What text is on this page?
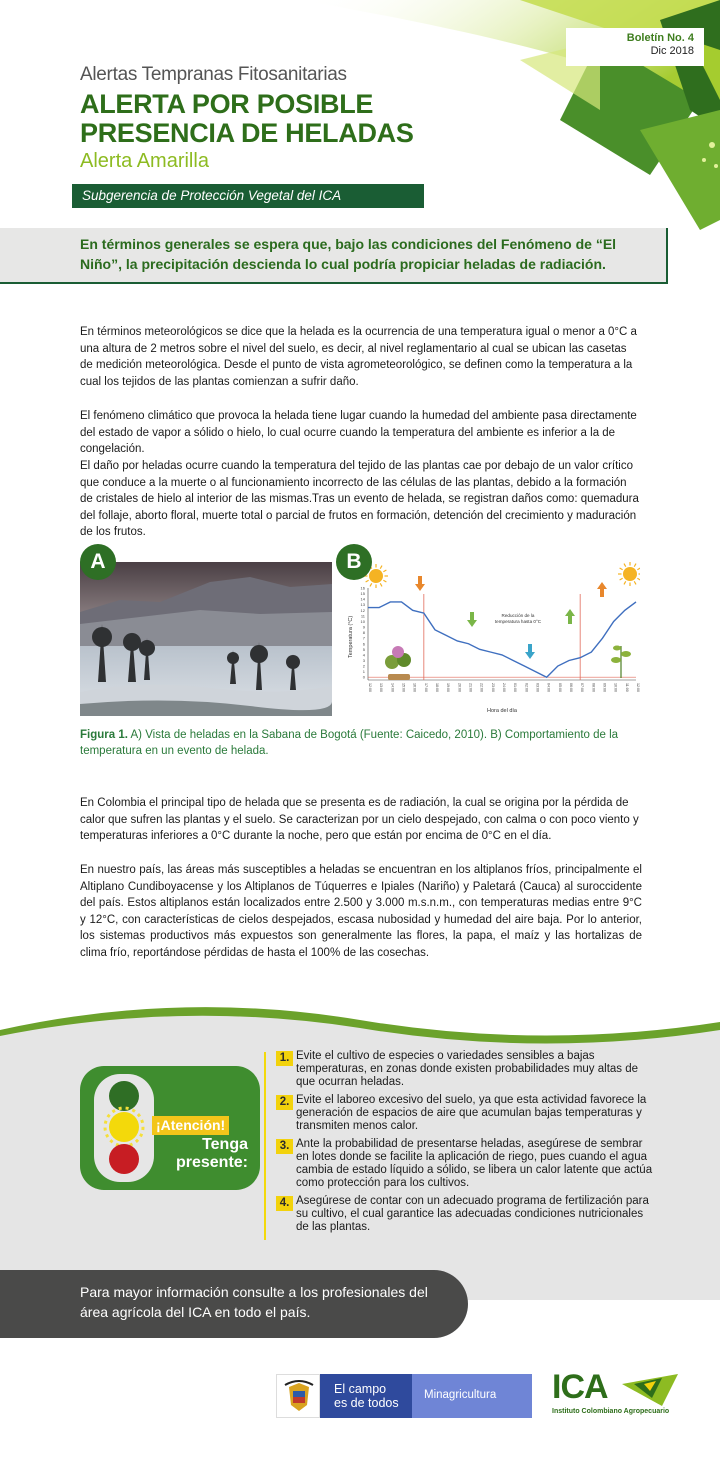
Boletín No. 4
Dic 2018
Alertas Tempranas Fitosanitarias
ALERTA POR POSIBLE
PRESENCIA DE HELADAS
Alerta Amarilla
Subgerencia de Protección Vegetal del ICA
En términos generales se espera que, bajo las condiciones del Fenómeno de “El Niño”, la precipitación descienda lo cual podría propiciar heladas de radiación.
En términos meteorológicos se dice que la helada es la ocurrencia de una temperatura igual o menor a 0°C a una altura de 2 metros sobre el nivel del suelo, es decir, al nivel reglamentario al cual se ubican las casetas de medición meteorológica. Desde el punto de vista agrometeorológico, se definen como la temperatura a la cual los tejidos de las plantas comienzan a sufrir daño.
El fenómeno climático que provoca la helada tiene lugar cuando la humedad del ambiente pasa directamente del estado de vapor a sólido o hielo, lo cual ocurre cuando la temperatura del ambiente es inferior a la de congelación.
El daño por heladas ocurre cuando la temperatura del tejido de las plantas cae por debajo de un valor crítico que conduce a la muerte o al funcionamiento incorrecto de las células de las plantas, debido a la formación de cristales de hielo al interior de las mismas.Tras un evento de helada, se registran daños como: quemadura del follaje, aborto floral, muerte total o parcial de frutos en formación, detención del crecimiento y maduración de los frutos.
0
1
2
3
4
5
6
7
8
9
10
11
12
13
14
15
16
12:00 13:00 14:00 15:00 16:00 17:00 18:00 19:00 20:00 21:00 22:00 23:00 24:00 01:00 02:00 03:00 04:00 05:00 06:00 07:00 08:00 09:00 10:00 11:00 12:00
Temperatura (°C)
Hora del día
Reducción de la
temperatura hasta 0°C
A	B
Figura 1. A) Vista de heladas en la Sabana de Bogotá (Fuente: Caicedo, 2010). B) Comportamiento de la temperatura en un evento de helada.
En Colombia el principal tipo de helada que se presenta es de radiación, la cual se origina por la pérdida de calor que sufren las plantas y el suelo. Se caracterizan por un cielo despejado, con calma o con poco viento y temperaturas inferiores a 0°C durante la noche, pero que están por encima de 0°C en el día.
En nuestro país, las áreas más susceptibles a heladas se encuentran en los altiplanos fríos, principalmente el Altiplano Cundiboyacense y los Altiplanos de Túquerres e Ipiales (Nariño) y Paletará (Cauca) al suroccidente del país. Estos altiplanos están localizados entre 2.500 y 3.000 m.s.n.m., con temperaturas medias entre 9°C y 12°C, con características de cielos despejados, escasa nubosidad y humedad del aire baja. Por lo anterior, los sistemas productivos más expuestos son generalmente las flores, la papa, el maíz y las hortalizas de clima frío, reportándose pérdidas de hasta el 100% de las cosechas.
¡Atención!
Tenga
presente:
1. Evite el cultivo de especies o variedades sensibles a bajas temperaturas, en zonas donde existen probabilidades muy altas de que ocurran heladas.
2. Evite el laboreo excesivo del suelo, ya que esta actividad favorece la generación de espacios de aire que acumulan bajas temperaturas y transmiten menos calor.
3. Ante la probabilidad de presentarse heladas, asegúrese de sembrar en lotes donde se facilite la aplicación de riego, pues cuando el agua cambia de estado líquido a sólido, se libera un calor latente que actúa como protección para los cultivos.
4. Asegúrese de contar con un adecuado programa de fertilización para su cultivo, el cual garantice las adecuadas condiciones nutricionales de las plantas.
Para mayor información consulte a los profesionales del área agrícola del ICA en todo el país.
El campo
es de todos
Minagricultura	ICA
Instituto Colombiano Agropecuario
